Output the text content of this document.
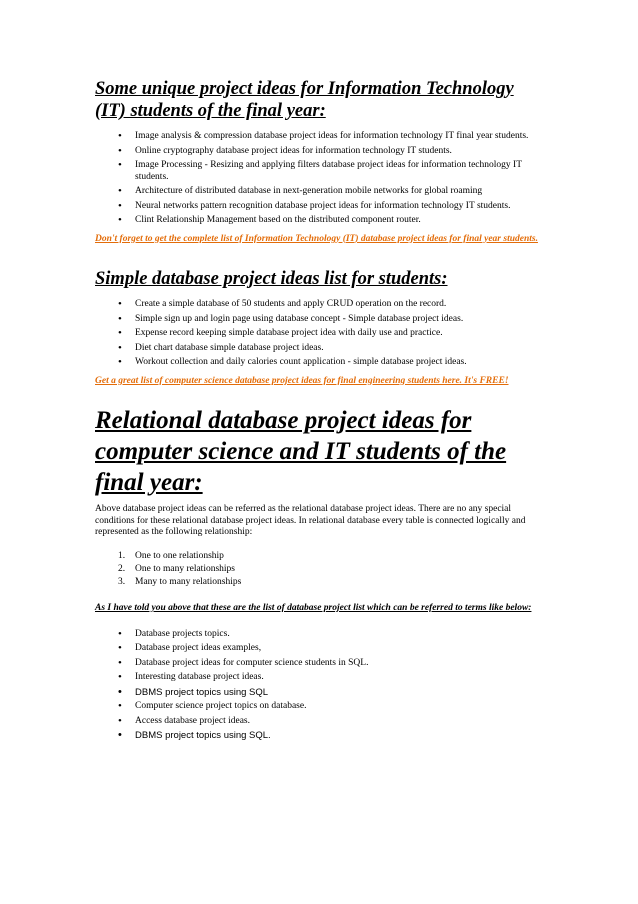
Some unique project ideas for Information Technology (IT) students of the final year:
• Image analysis & compression database project ideas for information technology IT final year students.
• Online cryptography database project ideas for information technology IT students.
• Image Processing - Resizing and applying filters database project ideas for information technology IT students.
• Architecture of distributed database in next-generation mobile networks for global roaming
• Neural networks pattern recognition database project ideas for information technology IT students.
• Clint Relationship Management based on the distributed component router.
Don't forget to get the complete list of Information Technology (IT) database project ideas for final year students.
Simple database project ideas list for students:
• Create a simple database of 50 students and apply CRUD operation on the record.
• Simple sign up and login page using database concept - Simple database project ideas.
• Expense record keeping simple database project idea with daily use and practice.
• Diet chart database simple database project ideas.
• Workout collection and daily calories count application - simple database project ideas.
Get a great list of computer science database project ideas for final engineering students here. It's FREE!
Relational database project ideas for computer science and IT students of the final year:

Above database project ideas can be referred as the relational database project ideas. There are no any special conditions for these relational database project ideas. In relational database every table is connected logically and represented as the following relationship:

1. One to one relationship
2. One to many relationships
3. Many to many relationships

As I have told you above that these are the list of database project list which can be referred to terms like below:

• Database projects topics.
• Database project ideas examples,
• Database project ideas for computer science students in SQL.
• Interesting database project ideas.
• DBMS project topics using SQL
• Computer science project topics on database.
• Access database project ideas.
• DBMS project topics using SQL.
